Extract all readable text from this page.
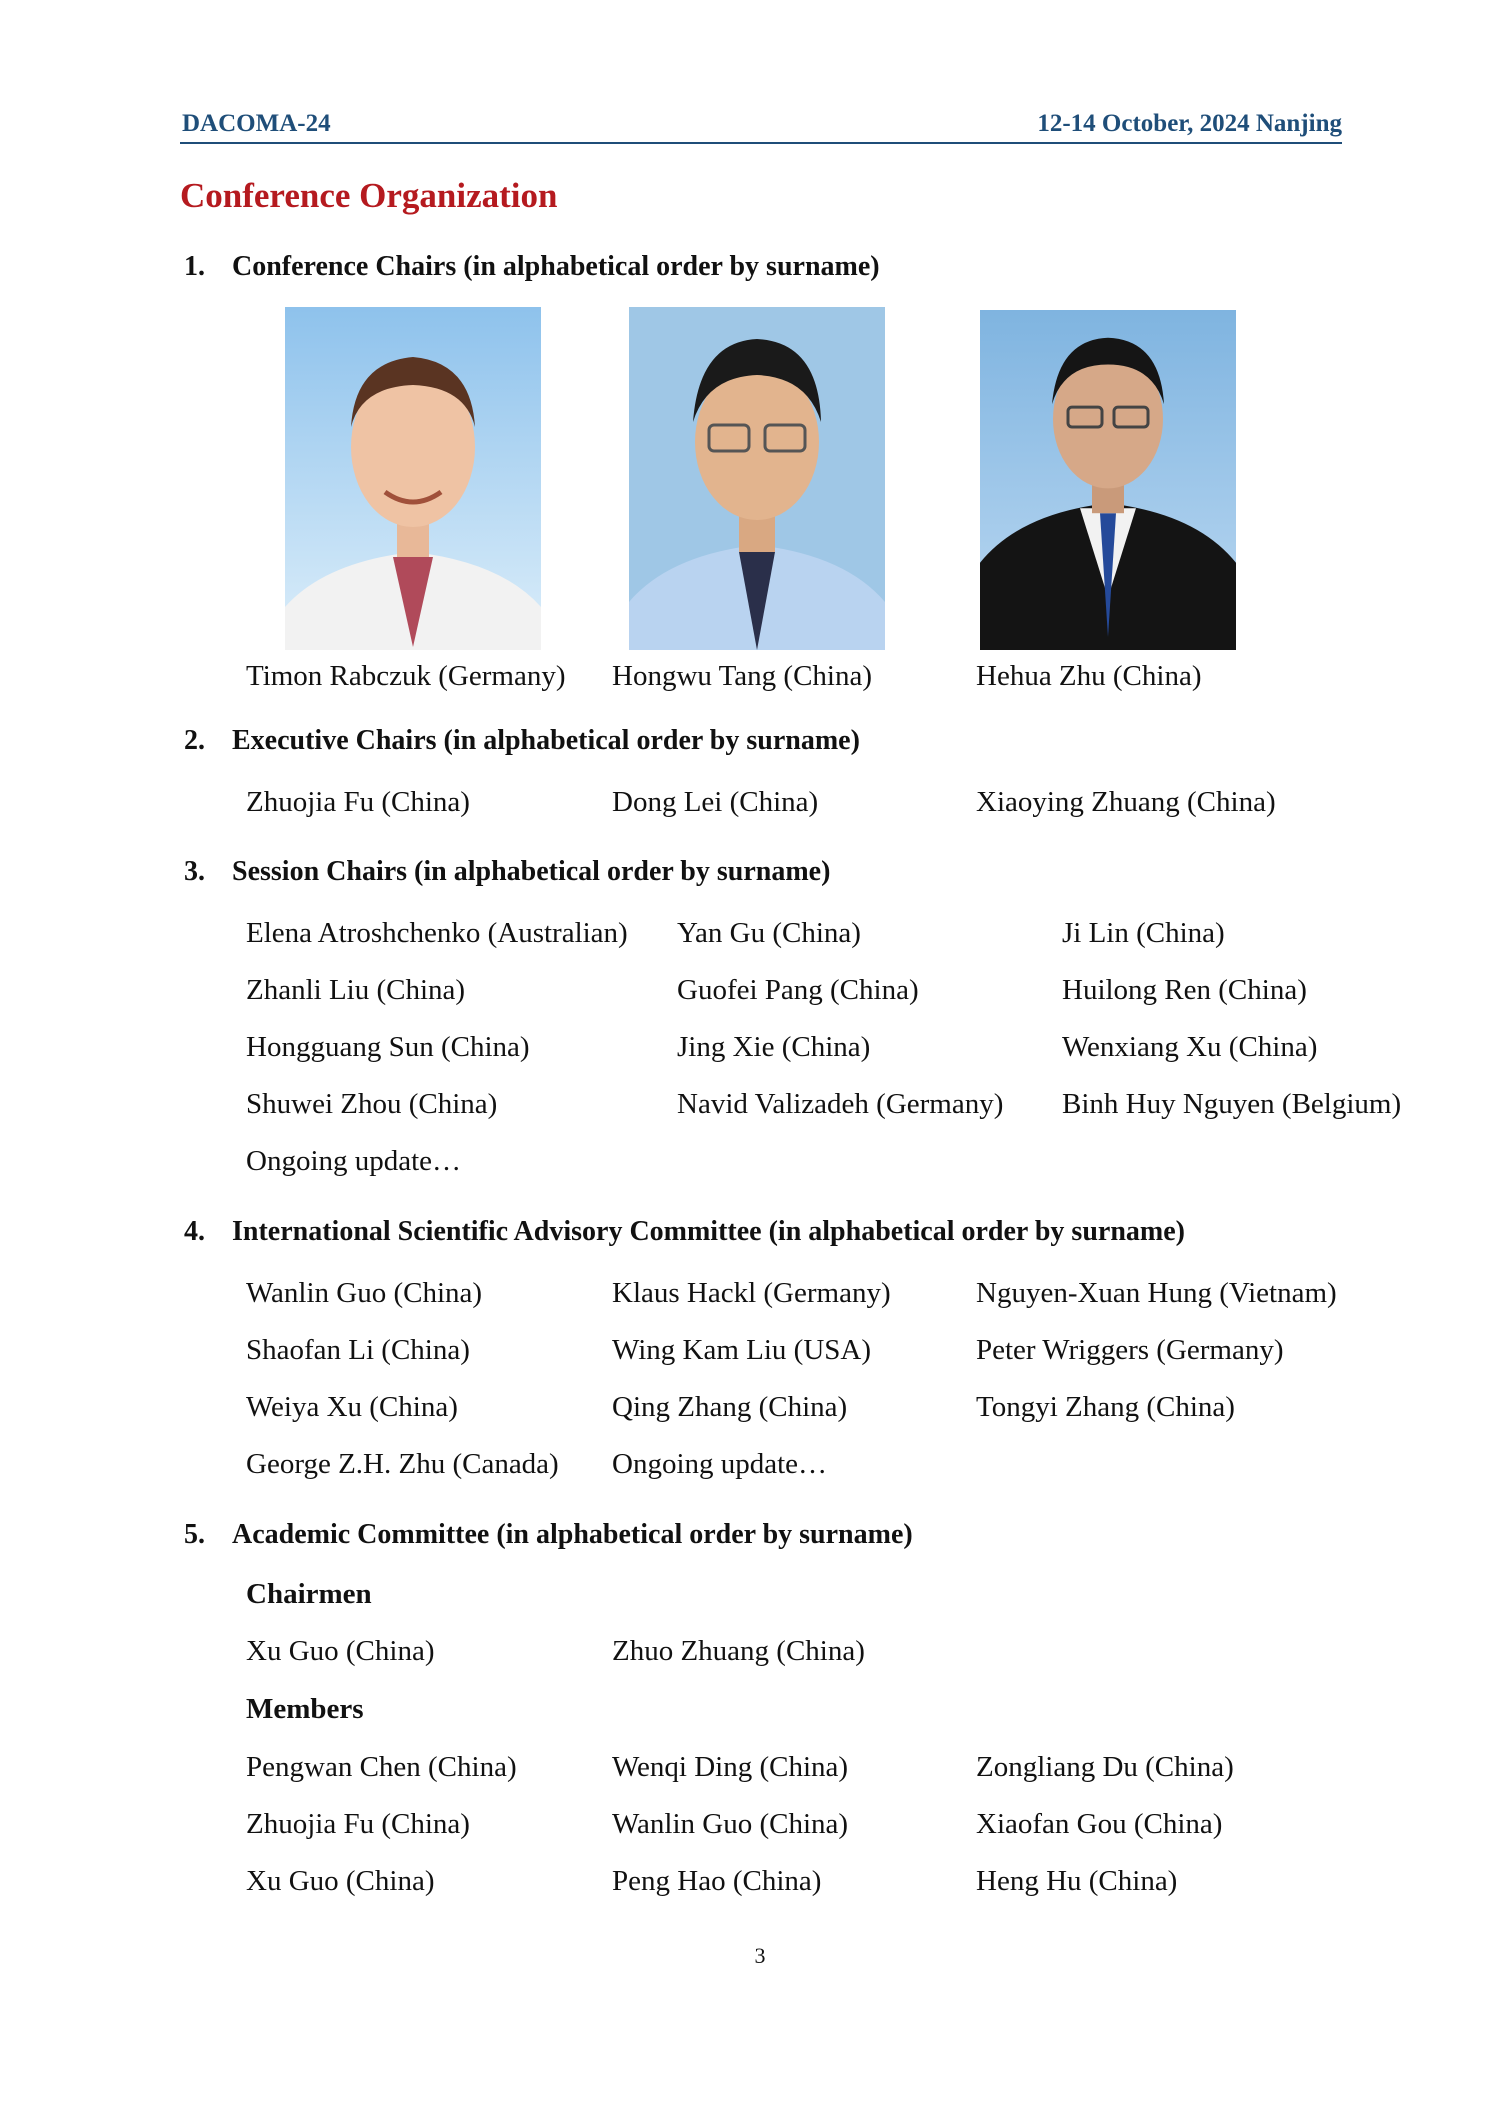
DACOMA-24	12-14 October, 2024 Nanjing
Conference Organization
1. Conference Chairs (in alphabetical order by surname)
Timon Rabczuk (Germany) Hongwu Tang (China)	Hehua Zhu (China)
2. Executive Chairs (in alphabetical order by surname)
Zhuojia Fu (China)	Dong Lei (China)	Xiaoying Zhuang (China)
3. Session Chairs (in alphabetical order by surname)
Elena Atroshchenko (Australian) Yan Gu (China)	Ji Lin (China)
Zhanli Liu (China)	Guofei Pang (China)	Huilong Ren (China)
Hongguang Sun (China)	Jing Xie (China)	Wenxiang Xu (China)
Shuwei Zhou (China)	Navid Valizadeh (Germany) Binh Huy Nguyen (Belgium)
Ongoing update…
4. International Scientific Advisory Committee (in alphabetical order by surname)
Wanlin Guo (China)	Klaus Hackl (Germany)	Nguyen-Xuan Hung (Vietnam)
Shaofan Li (China)	Wing Kam Liu (USA)	Peter Wriggers (Germany)
Weiya Xu (China)	Qing Zhang (China)	Tongyi Zhang (China)
George Z.H. Zhu (Canada) Ongoing update…
5. Academic Committee (in alphabetical order by surname)
Chairmen
Xu Guo (China)	Zhuo Zhuang (China)
Members
Pengwan Chen (China)	Wenqi Ding (China)	Zongliang Du (China)
Zhuojia Fu (China)	Wanlin Guo (China)	Xiaofan Gou (China)
Xu Guo (China)	Peng Hao (China)	Heng Hu (China)
3
